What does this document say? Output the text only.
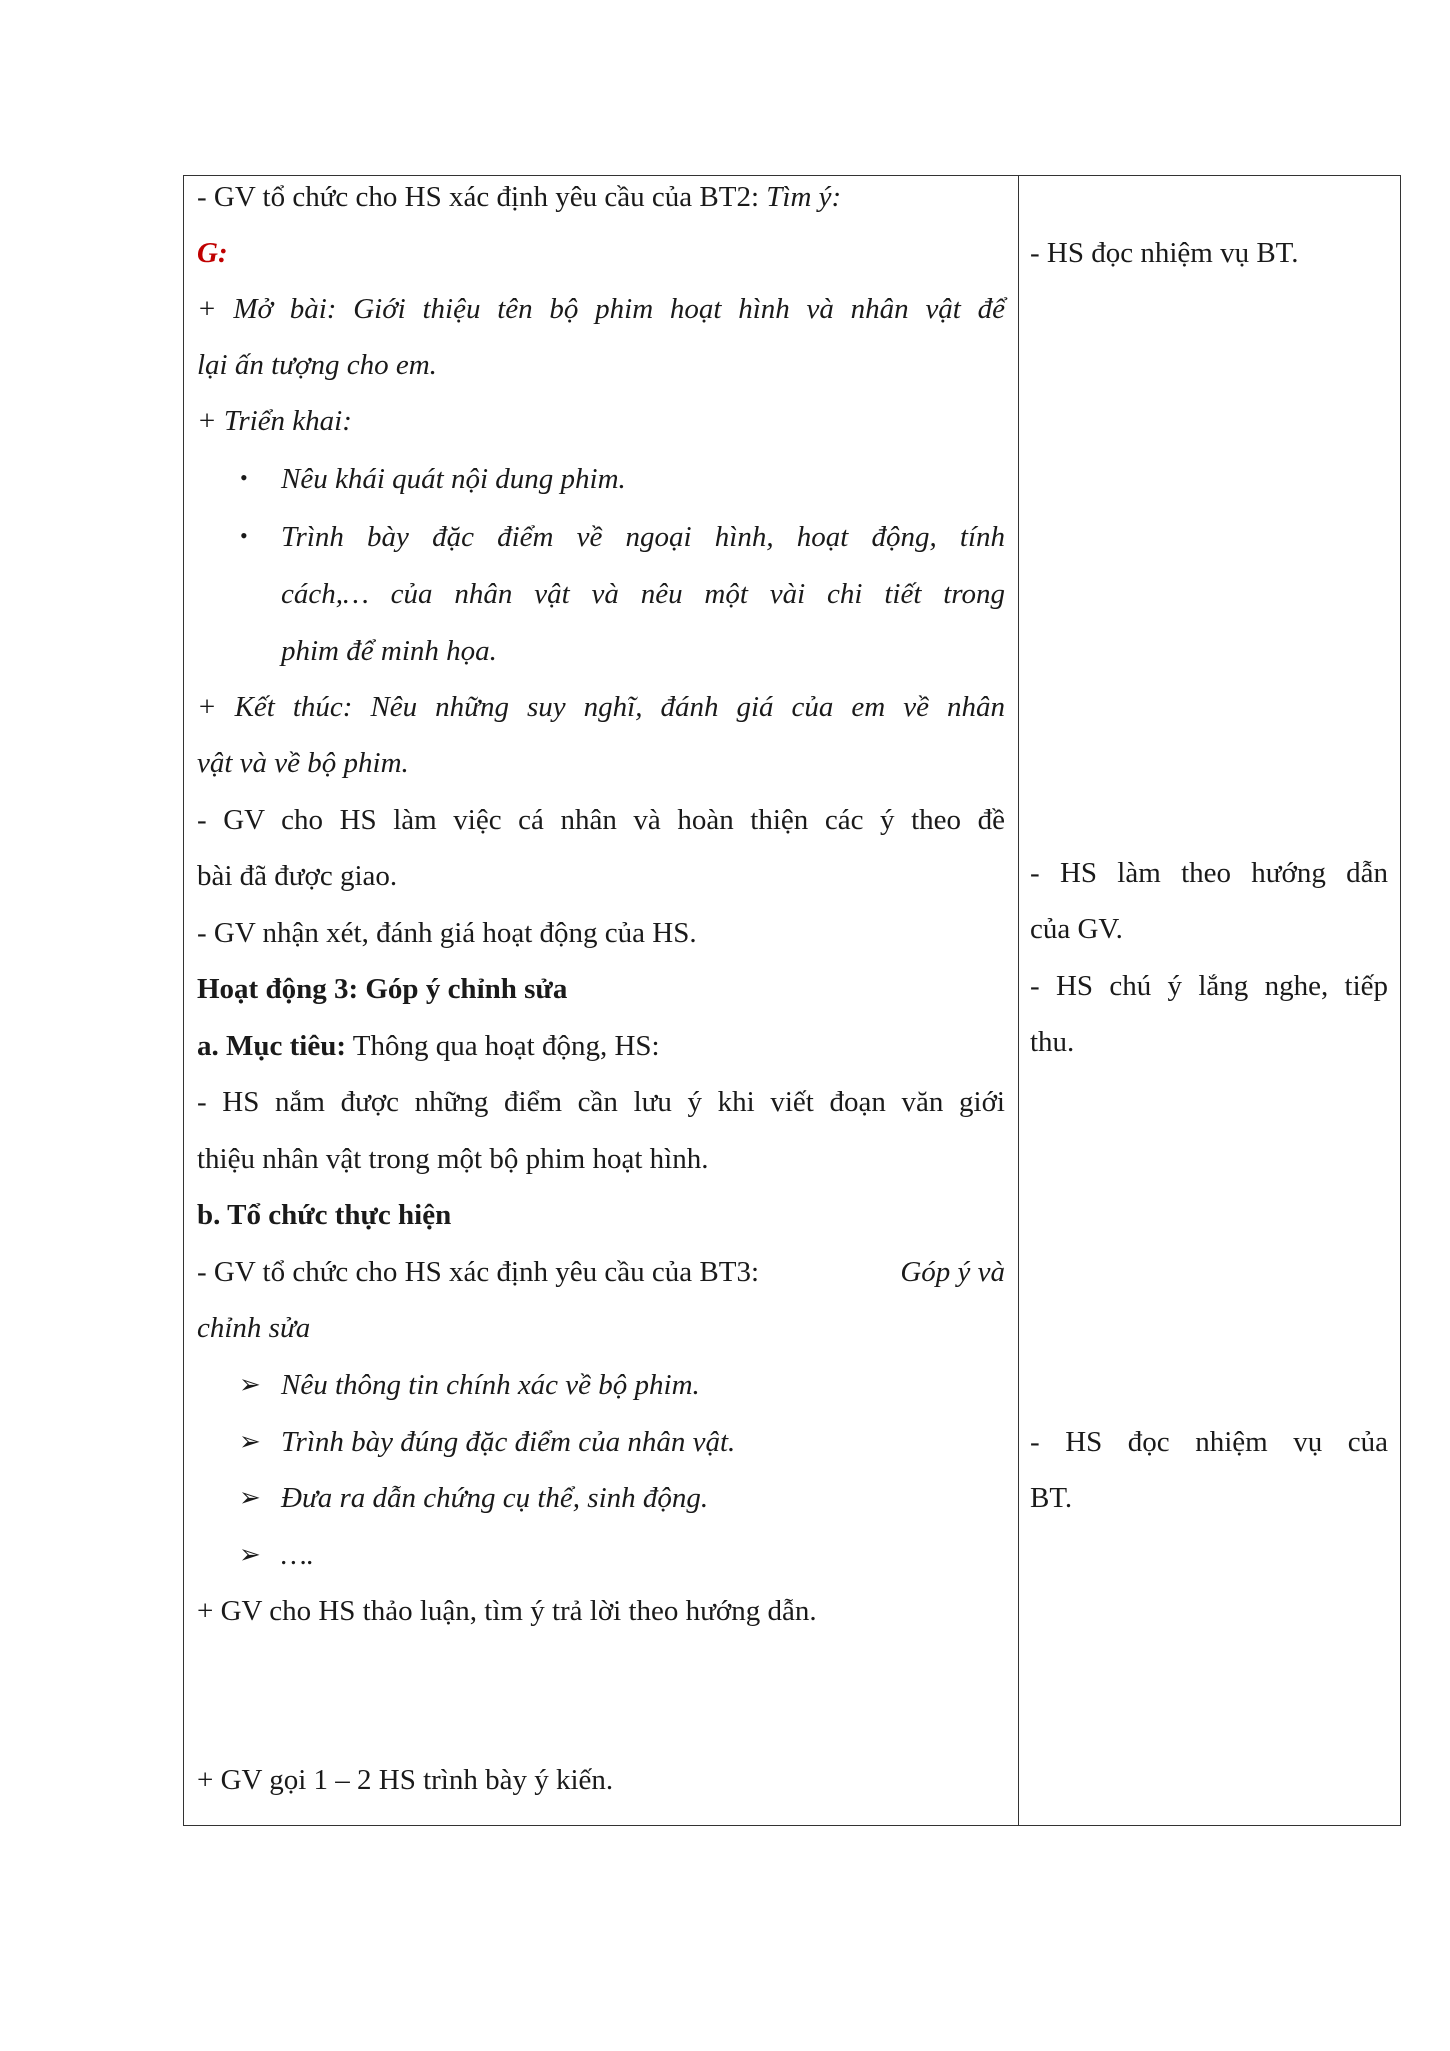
- GV tổ chức cho HS xác định yêu cầu của BT2: Tìm ý:
G:
+ Mở bài: Giới thiệu tên bộ phim hoạt hình và nhân vật để
lại ấn tượng cho em.
+ Triển khai:
• Nêu khái quát nội dung phim.
• Trình bày đặc điểm về ngoại hình, hoạt động, tính
cách,… của nhân vật và nêu một vài chi tiết trong
phim để minh họa.
+ Kết thúc: Nêu những suy nghĩ, đánh giá của em về nhân
vật và về bộ phim.
- GV cho HS làm việc cá nhân và hoàn thiện các ý theo đề
bài đã được giao.
- GV nhận xét, đánh giá hoạt động của HS.
Hoạt động 3: Góp ý chỉnh sửa
a. Mục tiêu: Thông qua hoạt động, HS:
- HS nắm được những điểm cần lưu ý khi viết đoạn văn giới
thiệu nhân vật trong một bộ phim hoạt hình.
b. Tổ chức thực hiện
- GV tổ chức cho HS xác định yêu cầu của BT3:	Góp ý và
chỉnh sửa
➢ Nêu thông tin chính xác về bộ phim.
➢ Trình bày đúng đặc điểm của nhân vật.
➢ Đưa ra dẫn chứng cụ thể, sinh động.
➢ ….
+ GV cho HS thảo luận, tìm ý trả lời theo hướng dẫn.
+ GV gọi 1 – 2 HS trình bày ý kiến.
- HS đọc nhiệm vụ BT.
- HS làm theo hướng dẫn
của GV.
- HS chú ý lắng nghe, tiếp
thu.
- HS đọc nhiệm vụ của
BT.
